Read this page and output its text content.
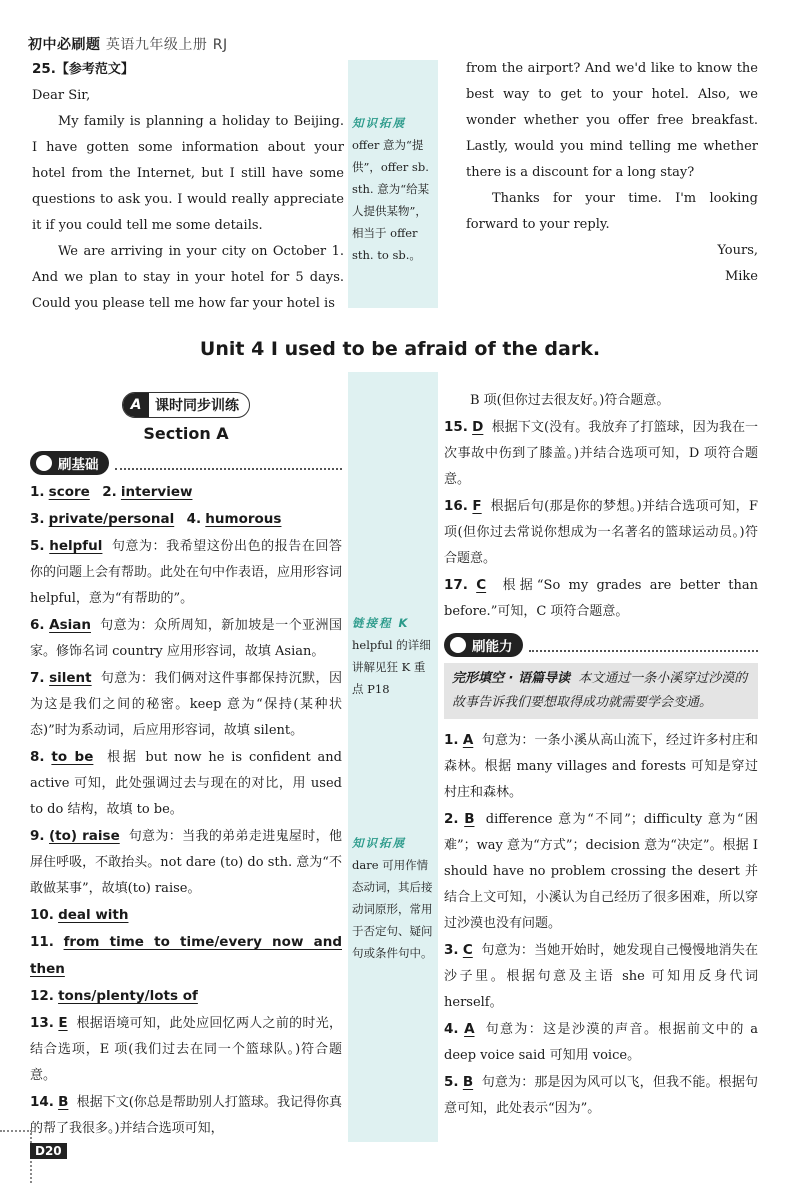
初中必刷题 英语九年级上册 RJ

25.【参考范文】

Dear Sir,

My family is planning a holiday to Beijing. I have gotten some information about your hotel from the Internet, but I still have some questions to ask you. I would really appreciate it if you could tell me some details.

We are arriving in your city on October 1. And we plan to stay in your hotel for 5 days. Could you please tell me how far your hotel is

知识拓展
offer 意为“提供”，offer sb. sth. 意为“给某人提供某物”，相当于 offer sth. to sb.。

from the airport? And we'd like to know the best way to get to your hotel. Also, we wonder whether you offer free breakfast. Lastly, would you mind telling me whether there is a discount for a long stay?

Thanks for your time. I'm looking forward to your reply.

Yours,

Mike

Unit 4 I used to be afraid of the dark.
A 课时同步训练
Section A
刷基础

1. score 2. interview

3. private/personal 4. humorous

5. helpful 句意为：我希望这份出色的报告在回答你的问题上会有帮助。此处在句中作表语，应用形容词 helpful，意为“有帮助的”。

6. Asian 句意为：众所周知，新加坡是一个亚洲国家。修饰名词 country 应用形容词，故填 Asian。

7. silent 句意为：我们俩对这件事都保持沉默，因为这是我们之间的秘密。keep 意为“保持(某种状态)”时为系动词，后应用形容词，故填 silent。

8. to be 根据 but now he is confident and active 可知，此处强调过去与现在的对比，用 used to do 结构，故填 to be。

9. (to) raise 句意为：当我的弟弟走进鬼屋时，他屏住呼吸，不敢抬头。not dare (to) do sth. 意为“不敢做某事”，故填(to) raise。

10. deal with

11. from time to time/every now and then

12. tons/plenty/lots of

13. E 根据语境可知，此处应回忆两人之前的时光，结合选项，E 项(我们过去在同一个篮球队。)符合题意。

14. B 根据下文(你总是帮助别人打篮球。我记得你真的帮了我很多。)并结合选项可知，

链接程 K
helpful 的详细讲解见狂 K 重点 P18
知识拓展
dare 可用作情态动词，其后接动词原形，常用于否定句、疑问句或条件句中。

B 项(但你过去很友好。)符合题意。

15. D 根据下文(没有。我放弃了打篮球，因为我在一次事故中伤到了膝盖。)并结合选项可知，D 项符合题意。

16. F 根据后句(那是你的梦想。)并结合选项可知，F 项(但你过去常说你想成为一名著名的篮球运动员。)符合题意。

17. C 根据“So my grades are better than before.”可知，C 项符合题意。

刷能力
完形填空 · 语篇导读 本文通过一条小溪穿过沙漠的故事告诉我们要想取得成功就需要学会变通。

1. A 句意为：一条小溪从高山流下，经过许多村庄和森林。根据 many villages and forests 可知是穿过村庄和森林。

2. B difference 意为“不同”；difficulty 意为“困难”；way 意为“方式”；decision 意为“决定”。根据 I should have no problem crossing the desert 并结合上文可知，小溪认为自己经历了很多困难，所以穿过沙漠也没有问题。

3. C 句意为：当她开始时，她发现自己慢慢地消失在沙子里。根据句意及主语 she 可知用反身代词 herself。

4. A 句意为：这是沙漠的声音。根据前文中的 a deep voice said 可知用 voice。

5. B 句意为：那是因为风可以飞，但我不能。根据句意可知，此处表示“因为”。

D20
